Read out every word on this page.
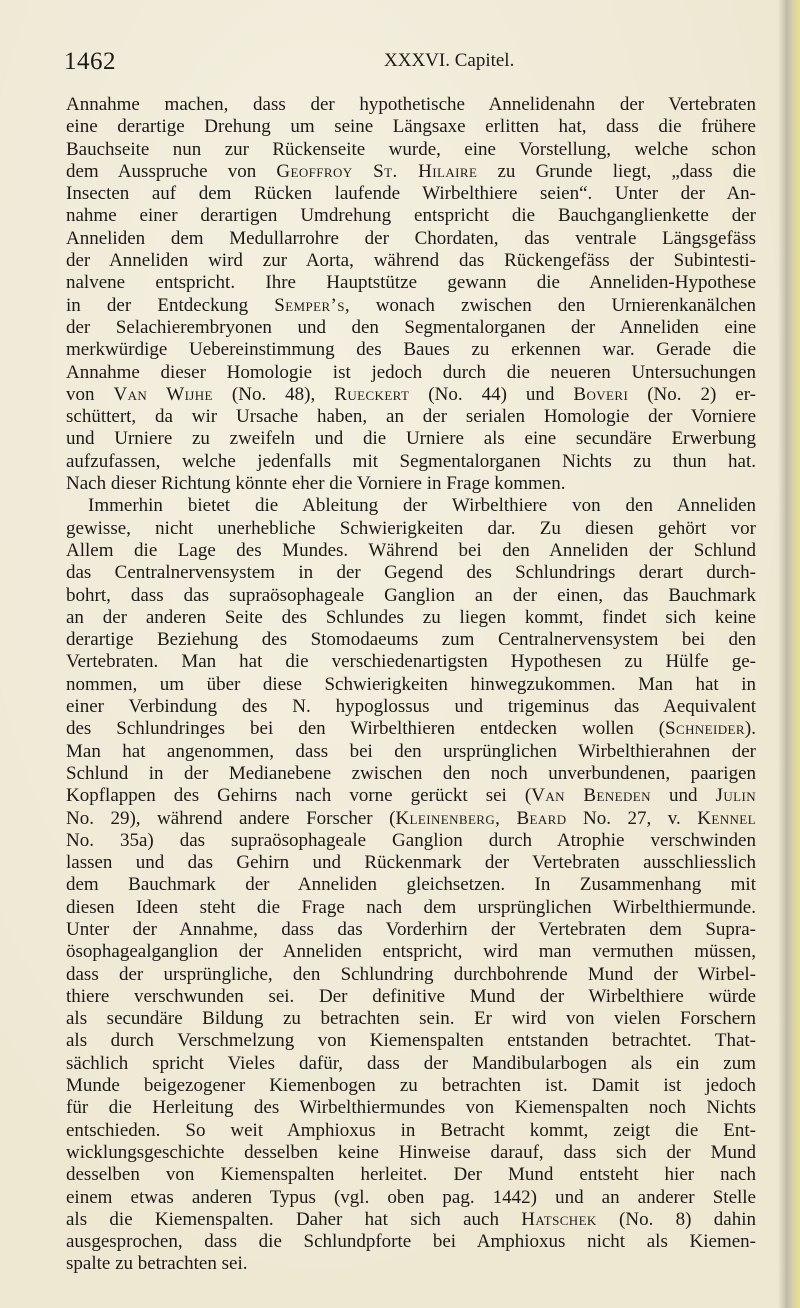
1462	XXXVI. Capitel.
Annahme machen, dass der hypothetische Annelidenahn der Vertebraten
eine derartige Drehung um seine Längsaxe erlitten hat, dass die frühere
Bauchseite nun zur Rückenseite wurde, eine Vorstellung, welche schon
dem Ausspruche von Geoffroy St. Hilaire zu Grunde liegt, „dass die
Insecten auf dem Rücken laufende Wirbelthiere seien“. Unter der An-
nahme einer derartigen Umdrehung entspricht die Bauchganglienkette der
Anneliden dem Medullarrohre der Chordaten, das ventrale Längsgefäss
der Anneliden wird zur Aorta, während das Rückengefäss der Subintesti-
nalvene entspricht. Ihre Hauptstütze gewann die Anneliden-Hypothese
in der Entdeckung Semper’s, wonach zwischen den Urnierenkanälchen
der Selachierembryonen und den Segmentalorganen der Anneliden eine
merkwürdige Uebereinstimmung des Baues zu erkennen war. Gerade die
Annahme dieser Homologie ist jedoch durch die neueren Untersuchungen
von Van Wijhe (No. 48), Rueckert (No. 44) und Boveri (No. 2) er-
schüttert, da wir Ursache haben, an der serialen Homologie der Vorniere
und Urniere zu zweifeln und die Urniere als eine secundäre Erwerbung
aufzufassen, welche jedenfalls mit Segmentalorganen Nichts zu thun hat.
Nach dieser Richtung könnte eher die Vorniere in Frage kommen.
Immerhin bietet die Ableitung der Wirbelthiere von den Anneliden
gewisse, nicht unerhebliche Schwierigkeiten dar. Zu diesen gehört vor
Allem die Lage des Mundes. Während bei den Anneliden der Schlund
das Centralnervensystem in der Gegend des Schlundrings derart durch-
bohrt, dass das supraösophageale Ganglion an der einen, das Bauchmark
an der anderen Seite des Schlundes zu liegen kommt, findet sich keine
derartige Beziehung des Stomodaeums zum Centralnervensystem bei den
Vertebraten. Man hat die verschiedenartigsten Hypothesen zu Hülfe ge-
nommen, um über diese Schwierigkeiten hinwegzukommen. Man hat in
einer Verbindung des N. hypoglossus und trigeminus das Aequivalent
des Schlundringes bei den Wirbelthieren entdecken wollen (Schneider).
Man hat angenommen, dass bei den ursprünglichen Wirbelthierahnen der
Schlund in der Medianebene zwischen den noch unverbundenen, paarigen
Kopflappen des Gehirns nach vorne gerückt sei (Van Beneden und Julin
No. 29), während andere Forscher (Kleinenberg, Beard No. 27, v. Kennel
No. 35a) das supraösophageale Ganglion durch Atrophie verschwinden
lassen und das Gehirn und Rückenmark der Vertebraten ausschliesslich
dem Bauchmark der Anneliden gleichsetzen. In Zusammenhang mit
diesen Ideen steht die Frage nach dem ursprünglichen Wirbelthiermunde.
Unter der Annahme, dass das Vorderhirn der Vertebraten dem Supra-
ösophagealganglion der Anneliden entspricht, wird man vermuthen müssen,
dass der ursprüngliche, den Schlundring durchbohrende Mund der Wirbel-
thiere verschwunden sei. Der definitive Mund der Wirbelthiere würde
als secundäre Bildung zu betrachten sein. Er wird von vielen Forschern
als durch Verschmelzung von Kiemenspalten entstanden betrachtet. That-
sächlich spricht Vieles dafür, dass der Mandibularbogen als ein zum
Munde beigezogener Kiemenbogen zu betrachten ist. Damit ist jedoch
für die Herleitung des Wirbelthiermundes von Kiemenspalten noch Nichts
entschieden. So weit Amphioxus in Betracht kommt, zeigt die Ent-
wicklungsgeschichte desselben keine Hinweise darauf, dass sich der Mund
desselben von Kiemenspalten herleitet. Der Mund entsteht hier nach
einem etwas anderen Typus (vgl. oben pag. 1442) und an anderer Stelle
als die Kiemenspalten. Daher hat sich auch Hatschek (No. 8) dahin
ausgesprochen, dass die Schlundpforte bei Amphioxus nicht als Kiemen-
spalte zu betrachten sei.
